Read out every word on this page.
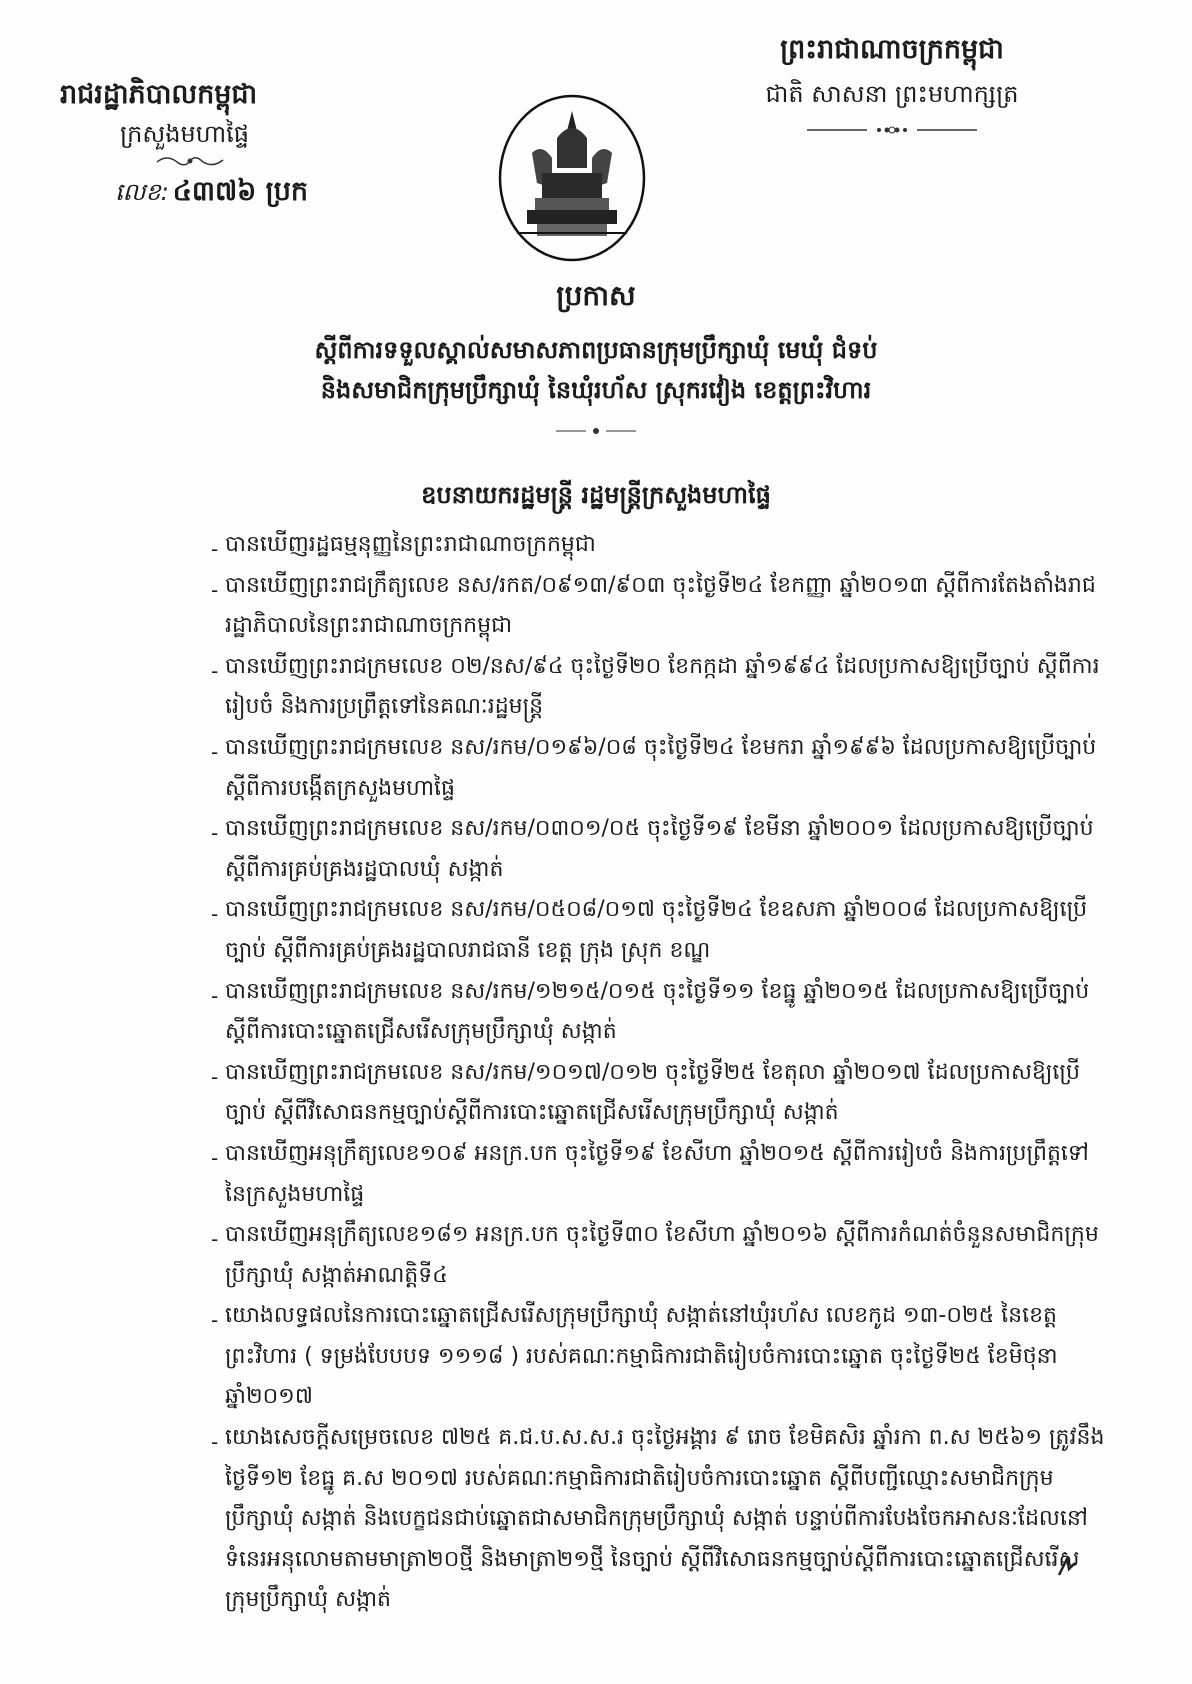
ព្រះរាជាណាចក្រកម្ពុជា
ជាតិ សាសនា ព្រះមហាក្សត្រ
រាជរដ្ឋាភិបាលកម្ពុជា
ក្រសួងមហាផ្ទៃ
លេខ: ៤៣៧៦ ប្រក
ប្រកាស
ស្តីពីការទទួលស្គាល់សមាសភាពប្រធានក្រុមប្រឹក្សាឃុំ មេឃុំ ជំទប់
និងសមាជិកក្រុមប្រឹក្សាឃុំ នៃឃុំរហ័ស ស្រុករវៀង ខេត្តព្រះវិហារ
ឧបនាយករដ្ឋមន្ត្រី រដ្ឋមន្ត្រីក្រសួងមហាផ្ទៃ
- បានឃើញរដ្ឋធម្មនុញ្ញនៃព្រះរាជាណាចក្រកម្ពុជា
- បានឃើញព្រះរាជក្រឹត្យលេខ នស/រកត/០៩១៣/៩០៣ ចុះថ្ងៃទី២៤ ខែកញ្ញា ឆ្នាំ២០១៣ ស្តីពីការតែងតាំងរាជរដ្ឋាភិបាលនៃព្រះរាជាណាចក្រកម្ពុជា
- បានឃើញព្រះរាជក្រមលេខ ០២/នស/៩៤ ចុះថ្ងៃទី២០ ខែកក្កដា ឆ្នាំ១៩៩៤ ដែលប្រកាសឱ្យប្រើច្បាប់ ស្តីពីការរៀបចំ និងការប្រព្រឹត្តទៅនៃគណៈរដ្ឋមន្ត្រី
- បានឃើញព្រះរាជក្រមលេខ នស/រកម/០១៩៦/០៨ ចុះថ្ងៃទី២៤ ខែមករា ឆ្នាំ១៩៩៦ ដែលប្រកាសឱ្យប្រើច្បាប់ ស្តីពីការបង្កើតក្រសួងមហាផ្ទៃ
- បានឃើញព្រះរាជក្រមលេខ នស/រកម/០៣០១/០៥ ចុះថ្ងៃទី១៩ ខែមីនា ឆ្នាំ២០០១ ដែលប្រកាសឱ្យប្រើច្បាប់ ស្តីពីការគ្រប់គ្រងរដ្ឋបាលឃុំ សង្កាត់
- បានឃើញព្រះរាជក្រមលេខ នស/រកម/០៥០៨/០១៧ ចុះថ្ងៃទី២៤ ខែឧសភា ឆ្នាំ២០០៨ ដែលប្រកាសឱ្យប្រើច្បាប់ ស្តីពីការគ្រប់គ្រងរដ្ឋបាលរាជធានី ខេត្ត ក្រុង ស្រុក ខណ្ឌ
- បានឃើញព្រះរាជក្រមលេខ នស/រកម/១២១៥/០១៥ ចុះថ្ងៃទី១១ ខែធ្នូ ឆ្នាំ២០១៥ ដែលប្រកាសឱ្យប្រើច្បាប់ ស្តីពីការបោះឆ្នោតជ្រើសរើសក្រុមប្រឹក្សាឃុំ សង្កាត់
- បានឃើញព្រះរាជក្រមលេខ នស/រកម/១០១៧/០១២ ចុះថ្ងៃទី២៥ ខែតុលា ឆ្នាំ២០១៧ ដែលប្រកាសឱ្យប្រើច្បាប់ ស្តីពីវិសោធនកម្មច្បាប់ស្តីពីការបោះឆ្នោតជ្រើសរើសក្រុមប្រឹក្សាឃុំ សង្កាត់
- បានឃើញអនុក្រឹត្យលេខ១០៩ អនក្រ.បក ចុះថ្ងៃទី១៩ ខែសីហា ឆ្នាំ២០១៥ ស្តីពីការរៀបចំ និងការប្រព្រឹត្តទៅនៃក្រសួងមហាផ្ទៃ
- បានឃើញអនុក្រឹត្យលេខ១៨១ អនក្រ.បក ចុះថ្ងៃទី៣០ ខែសីហា ឆ្នាំ២០១៦ ស្តីពីការកំណត់ចំនួនសមាជិកក្រុមប្រឹក្សាឃុំ សង្កាត់អាណត្តិទី៤
- យោងលទ្ធផលនៃការបោះឆ្នោតជ្រើសរើសក្រុមប្រឹក្សាឃុំ សង្កាត់នៅឃុំរហ័ស លេខកូដ ១៣-០២៥ នៃខេត្តព្រះវិហារ ( ទម្រង់បែបបទ ១១១៨ ) របស់គណៈកម្មាធិការជាតិរៀបចំការបោះឆ្នោត ចុះថ្ងៃទី២៥ ខែមិថុនា ឆ្នាំ២០១៧
- យោងសេចក្តីសម្រេចលេខ ៧២៥ គ.ជ.ប.ស.ស.រ ចុះថ្ងៃអង្គារ ៩ រោច ខែមិគសិរ ឆ្នាំរកា ព.ស ២៥៦១ ត្រូវនឹងថ្ងៃទី១២ ខែធ្នូ គ.ស ២០១៧ របស់គណៈកម្មាធិការជាតិរៀបចំការបោះឆ្នោត ស្តីពីបញ្ជីឈ្មោះសមាជិកក្រុមប្រឹក្សាឃុំ សង្កាត់ និងបេក្ខជនជាប់ឆ្នោតជាសមាជិកក្រុមប្រឹក្សាឃុំ សង្កាត់ បន្ទាប់ពីការបែងចែកអាសនៈដែលនៅទំនេរអនុលោមតាមមាត្រា២០ថ្មី និងមាត្រា២១ថ្មី នៃច្បាប់ ស្តីពីវិសោធនកម្មច្បាប់ស្តីពីការបោះឆ្នោតជ្រើសរើសក្រុមប្រឹក្សាឃុំ សង្កាត់
